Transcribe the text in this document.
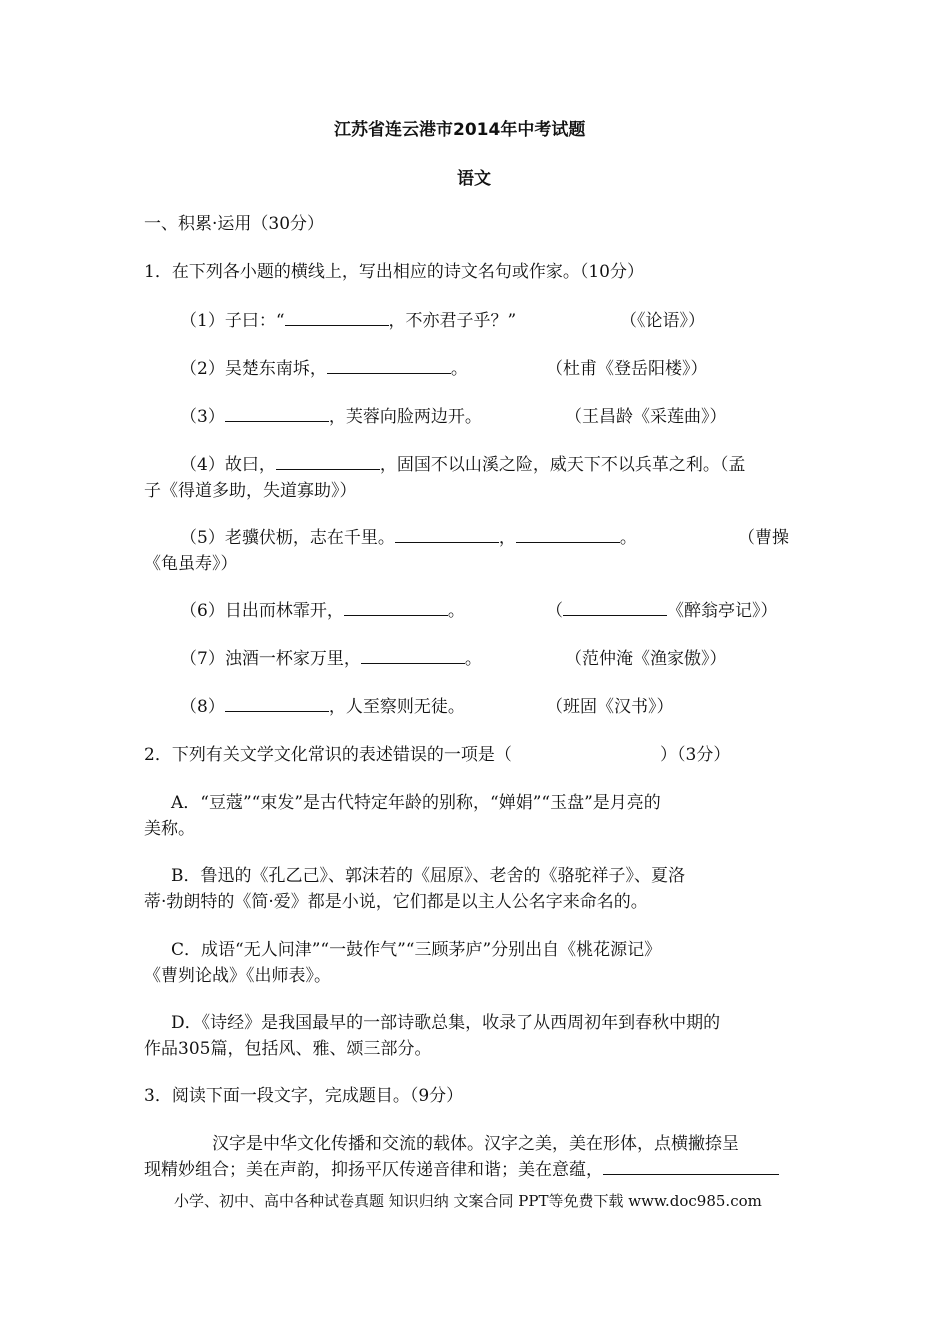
江苏省连云港市2014年中考试题
语文
一、积累·运用（30分）
1．在下列各小题的横线上，写出相应的诗文名句或作家。（10分）
（1）子曰：“	，不亦君子乎？”	（《论语》）
（2）吴楚东南坼，	。	（杜甫《登岳阳楼》）
（3）	，芙蓉向脸两边开。	（王昌龄《采莲曲》）
（4）故曰，	，固国不以山溪之险，威天下不以兵革之利。（孟
子《得道多助，失道寡助》）
（5）老骥伏枥，志在千里。	，	。	（曹操
《龟虽寿》）
（6）日出而林霏开，	。	（	《醉翁亭记》）
（7）浊酒一杯家万里，	。	（范仲淹《渔家傲》）
（8）	，人至察则无徒。	（班固《汉书》）
2．下列有关文学文化常识的表述错误的一项是（	）（3分）
A．“豆蔻”“束发”是古代特定年龄的别称，“婵娟”“玉盘”是月亮的
美称。
B．鲁迅的《孔乙己》、郭沫若的《屈原》、老舍的《骆驼祥子》、夏洛
蒂·勃朗特的《简·爱》都是小说，它们都是以主人公名字来命名的。
C．成语“无人问津”“一鼓作气”“三顾茅庐”分别出自《桃花源记》
《曹刿论战》《出师表》。
D．《诗经》是我国最早的一部诗歌总集，收录了从西周初年到春秋中期的
作品305篇，包括风、雅、颂三部分。
3．阅读下面一段文字，完成题目。（9分）
汉字是中华文化传播和交流的载体。汉字之美，美在形体，点横撇捺呈
现精妙组合；美在声韵，抑扬平仄传递音律和谐；美在意蕴，
小学、初中、高中各种试卷真题 知识归纳 文案合同 PPT等免费下载 www.doc985.com
